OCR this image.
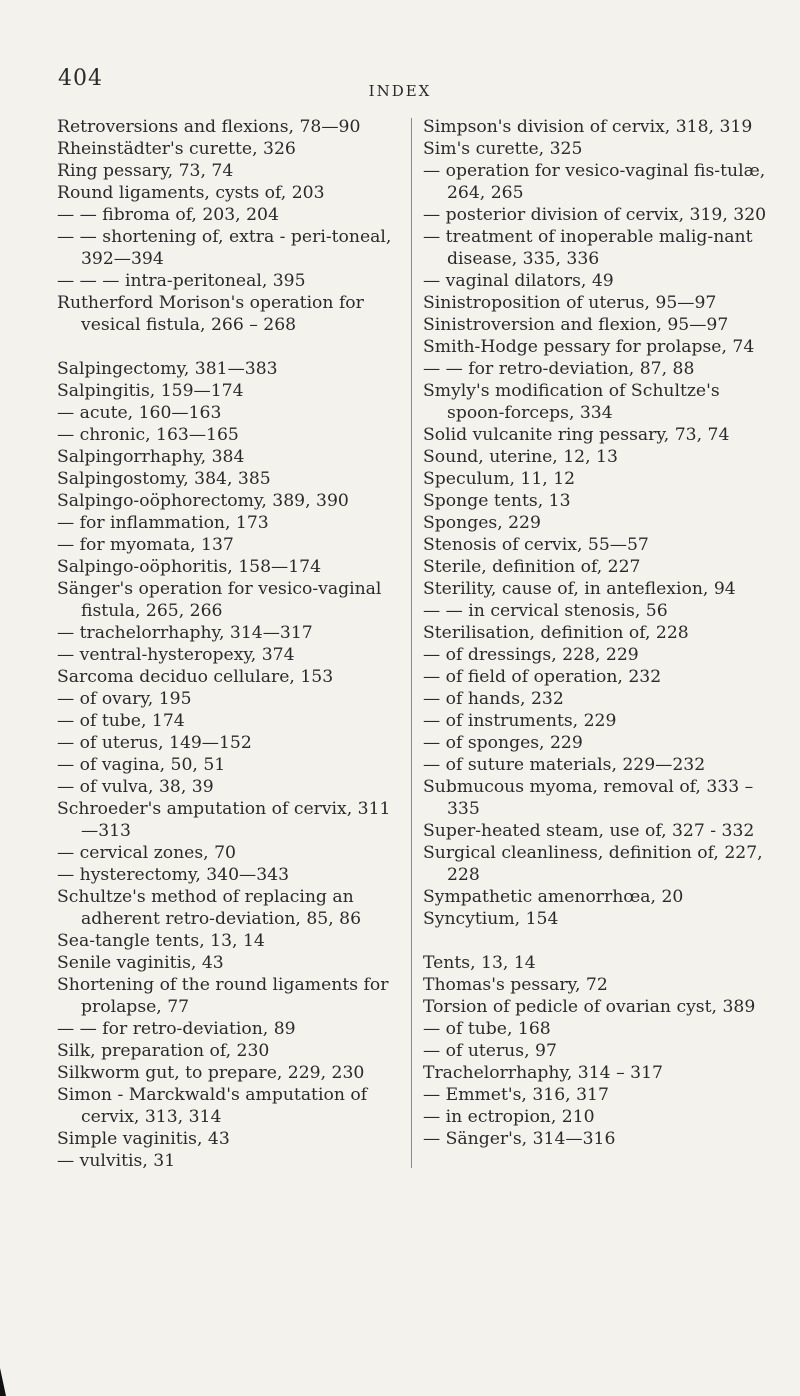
404	INDEX
Retroversions and flexions, 78—90
Rheinstädter's curette, 326
Ring pessary, 73, 74
Round ligaments, cysts of, 203
— — fibroma of, 203, 204
— — shortening of, extra - peri-toneal, 392—394
— — — intra-peritoneal, 395
Rutherford Morison's operation for vesical fistula, 266 – 268
Salpingectomy, 381—383
Salpingitis, 159—174
— acute, 160—163
— chronic, 163—165
Salpingorrhaphy, 384
Salpingostomy, 384, 385
Salpingo-oöphorectomy, 389, 390
— for inflammation, 173
— for myomata, 137
Salpingo-oöphoritis, 158—174
Sänger's operation for vesico-vaginal fistula, 265, 266
— trachelorrhaphy, 314—317
— ventral-hysteropexy, 374
Sarcoma deciduo cellulare, 153
— of ovary, 195
— of tube, 174
— of uterus, 149—152
— of vagina, 50, 51
— of vulva, 38, 39
Schroeder's amputation of cervix, 311 —313
— cervical zones, 70
— hysterectomy, 340—343
Schultze's method of replacing an adherent retro-deviation, 85, 86
Sea-tangle tents, 13, 14
Senile vaginitis, 43
Shortening of the round ligaments for prolapse, 77
— — for retro-deviation, 89
Silk, preparation of, 230
Silkworm gut, to prepare, 229, 230
Simon - Marckwald's amputation of cervix, 313, 314
Simple vaginitis, 43
— vulvitis, 31
Simpson's division of cervix, 318, 319
Sim's curette, 325
— operation for vesico-vaginal fis-tulæ, 264, 265
— posterior division of cervix, 319, 320
— treatment of inoperable malig-nant disease, 335, 336
— vaginal dilators, 49
Sinistroposition of uterus, 95—97
Sinistroversion and flexion, 95—97
Smith-Hodge pessary for prolapse, 74
— — for retro-deviation, 87, 88
Smyly's modification of Schultze's spoon-forceps, 334
Solid vulcanite ring pessary, 73, 74
Sound, uterine, 12, 13
Speculum, 11, 12
Sponge tents, 13
Sponges, 229
Stenosis of cervix, 55—57
Sterile, definition of, 227
Sterility, cause of, in anteflexion, 94
— — in cervical stenosis, 56
Sterilisation, definition of, 228
— of dressings, 228, 229
— of field of operation, 232
— of hands, 232
— of instruments, 229
— of sponges, 229
— of suture materials, 229—232
Submucous myoma, removal of, 333 – 335
Super-heated steam, use of, 327 - 332
Surgical cleanliness, definition of, 227, 228
Sympathetic amenorrhœa, 20
Syncytium, 154
Tents, 13, 14
Thomas's pessary, 72
Torsion of pedicle of ovarian cyst, 389
— of tube, 168
— of uterus, 97
Trachelorrhaphy, 314 – 317
— Emmet's, 316, 317
— in ectropion, 210
— Sänger's, 314—316
